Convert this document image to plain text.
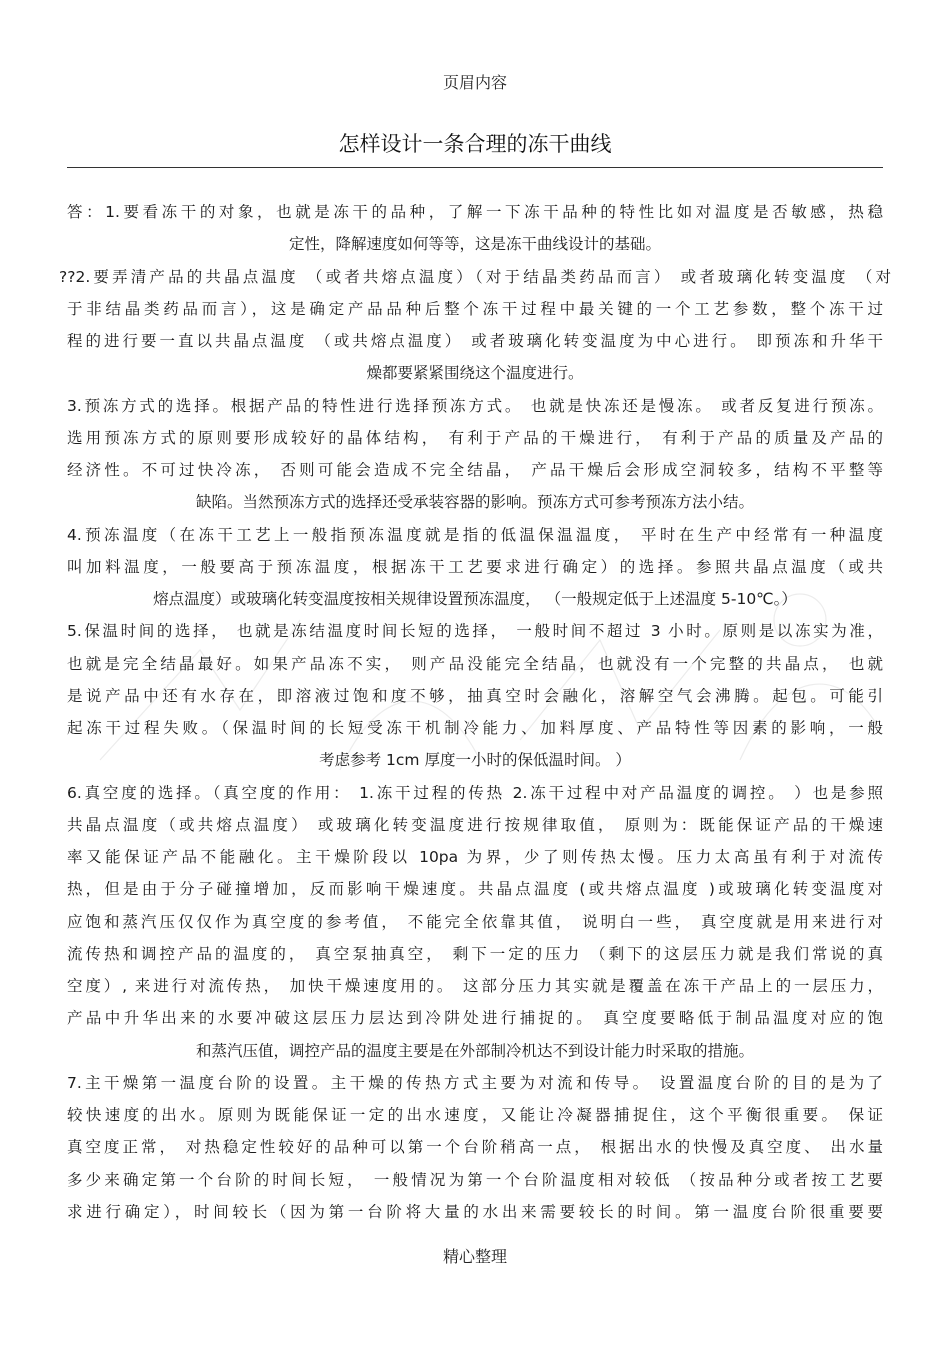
页眉内容
怎样设计一条合理的冻干曲线
答：1.要看冻干的对象，也就是冻干的品种，了解一下冻干品种的特性比如对温度是否敏感，热稳
定性，降解速度如何等等，这是冻干曲线设计的基础。
??2.要弄清产品的共晶点温度 （或者共熔点温度）（对于结晶类药品而言） 或者玻璃化转变温度 （对
于非结晶类药品而言），这是确定产品品种后整个冻干过程中最关键的一个工艺参数，整个冻干过
程的进行要一直以共晶点温度 （或共熔点温度） 或者玻璃化转变温度为中心进行。 即预冻和升华干
燥都要紧紧围绕这个温度进行。
3.预冻方式的选择。根据产品的特性进行选择预冻方式。 也就是快冻还是慢冻。 或者反复进行预冻。
选用预冻方式的原则要形成较好的晶体结构， 有利于产品的干燥进行， 有利于产品的质量及产品的
经济性。不可过快冷冻， 否则可能会造成不完全结晶， 产品干燥后会形成空洞较多，结构不平整等
缺陷。当然预冻方式的选择还受承装容器的影响。预冻方式可参考预冻方法小结。
4.预冻温度（在冻干工艺上一般指预冻温度就是指的低温保温温度， 平时在生产中经常有一种温度
叫加料温度，一般要高于预冻温度，根据冻干工艺要求进行确定）的选择。参照共晶点温度（或共
熔点温度）或玻璃化转变温度按相关规律设置预冻温度， （一般规定低于上述温度 5-10℃。）
5.保温时间的选择， 也就是冻结温度时间长短的选择， 一般时间不超过 3 小时。原则是以冻实为准，
也就是完全结晶最好。如果产品冻不实， 则产品没能完全结晶，也就没有一个完整的共晶点， 也就
是说产品中还有水存在，即溶液过饱和度不够，抽真空时会融化，溶解空气会沸腾。起包。可能引
起冻干过程失败。（保温时间的长短受冻干机制冷能力、加料厚度、产品特性等因素的影响，一般
考虑参考 1cm 厚度一小时的保低温时间。 ）
6.真空度的选择。（真空度的作用： 1.冻干过程的传热 2.冻干过程中对产品温度的调控。 ）也是参照
共晶点温度（或共熔点温度） 或玻璃化转变温度进行按规律取值， 原则为：既能保证产品的干燥速
率又能保证产品不能融化。主干燥阶段以 10pa 为界，少了则传热太慢。压力太高虽有利于对流传
热，但是由于分子碰撞增加，反而影响干燥速度。共晶点温度 (或共熔点温度 )或玻璃化转变温度对
应饱和蒸汽压仅仅作为真空度的参考值， 不能完全依靠其值， 说明白一些， 真空度就是用来进行对
流传热和调控产品的温度的， 真空泵抽真空， 剩下一定的压力 （剩下的这层压力就是我们常说的真
空度）, 来进行对流传热， 加快干燥速度用的。 这部分压力其实就是覆盖在冻干产品上的一层压力，
产品中升华出来的水要冲破这层压力层达到冷阱处进行捕捉的。 真空度要略低于制品温度对应的饱
和蒸汽压值，调控产品的温度主要是在外部制冷机达不到设计能力时采取的措施。
7.主干燥第一温度台阶的设置。主干燥的传热方式主要为对流和传导。 设置温度台阶的目的是为了
较快速度的出水。原则为既能保证一定的出水速度，又能让冷凝器捕捉住，这个平衡很重要。 保证
真空度正常， 对热稳定性较好的品种可以第一个台阶稍高一点， 根据出水的快慢及真空度、 出水量
多少来确定第一个台阶的时间长短， 一般情况为第一个台阶温度相对较低 （按品种分或者按工艺要
求进行确定），时间较长（因为第一台阶将大量的水出来需要较长的时间。第一温度台阶很重要要
精心整理
